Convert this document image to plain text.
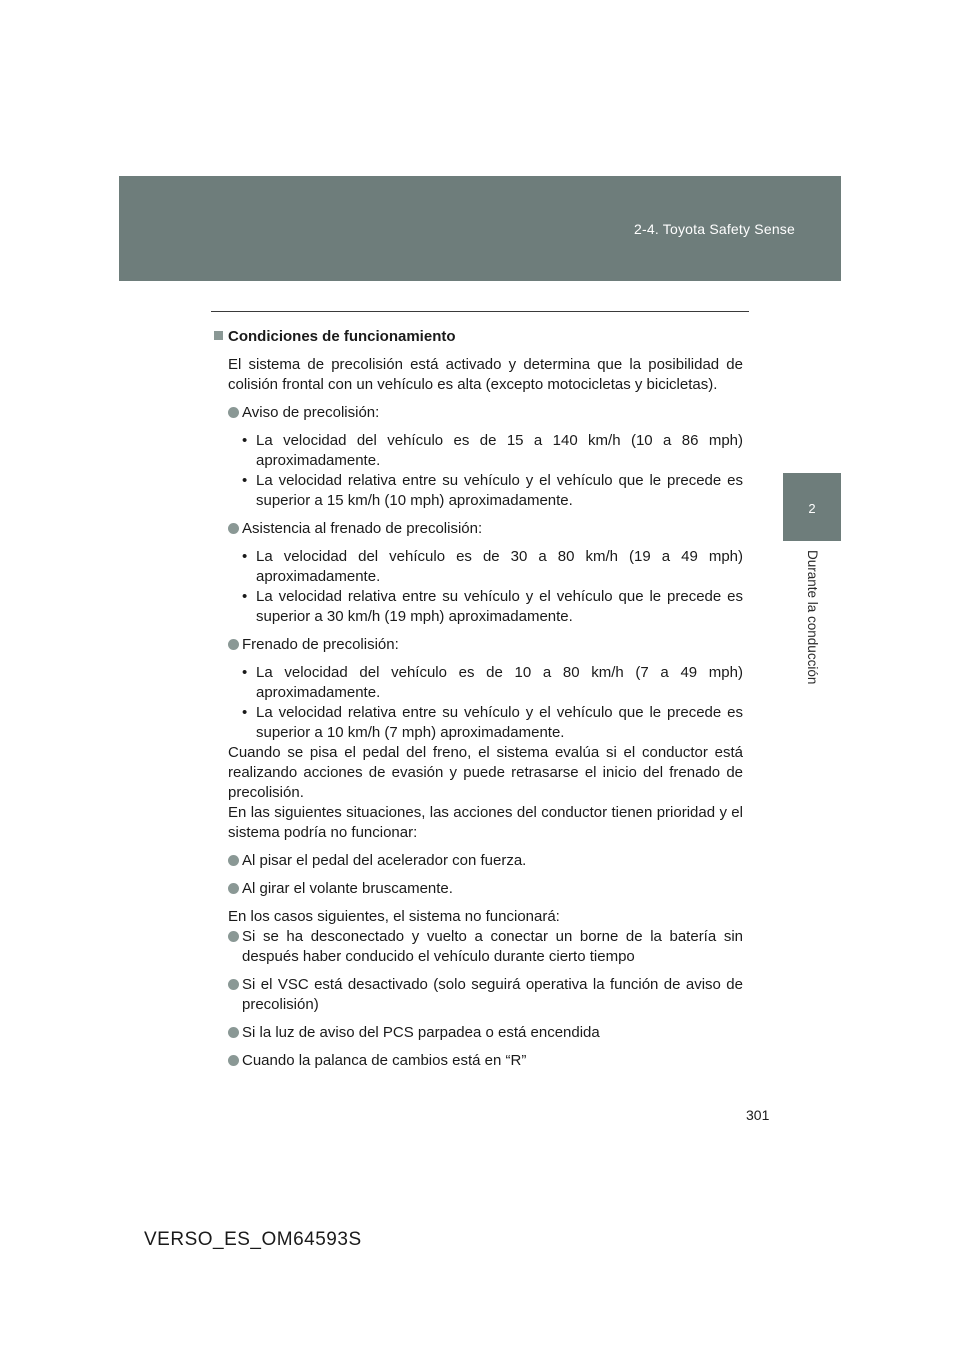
2-4. Toyota Safety Sense
2
Durante la conducción
Condiciones de funcionamiento

El sistema de precolisión está activado y determina que la posibilidad de colisión frontal con un vehículo es alta (excepto motocicletas y bicicletas).

Aviso de precolisión:
• La velocidad del vehículo es de 15 a 140 km/h (10 a 86 mph) aproximadamente.
• La velocidad relativa entre su vehículo y el vehículo que le precede es superior a 15 km/h (10 mph) aproximadamente.
Asistencia al frenado de precolisión:
• La velocidad del vehículo es de 30 a 80 km/h (19 a 49 mph) aproximadamente.
• La velocidad relativa entre su vehículo y el vehículo que le precede es superior a 30 km/h (19 mph) aproximadamente.
Frenado de precolisión:
• La velocidad del vehículo es de 10 a 80 km/h (7 a 49 mph) aproximadamente.
• La velocidad relativa entre su vehículo y el vehículo que le precede es superior a 10 km/h (7 mph) aproximadamente.

Cuando se pisa el pedal del freno, el sistema evalúa si el conductor está realizando acciones de evasión y puede retrasarse el inicio del frenado de precolisión.

En las siguientes situaciones, las acciones del conductor tienen prioridad y el sistema podría no funcionar:

Al pisar el pedal del acelerador con fuerza.
Al girar el volante bruscamente.

En los casos siguientes, el sistema no funcionará:

Si se ha desconectado y vuelto a conectar un borne de la batería sin después haber conducido el vehículo durante cierto tiempo
Si el VSC está desactivado (solo seguirá operativa la función de aviso de precolisión)
Si la luz de aviso del PCS parpadea o está encendida
Cuando la palanca de cambios está en “R”
301
VERSO_ES_OM64593S
